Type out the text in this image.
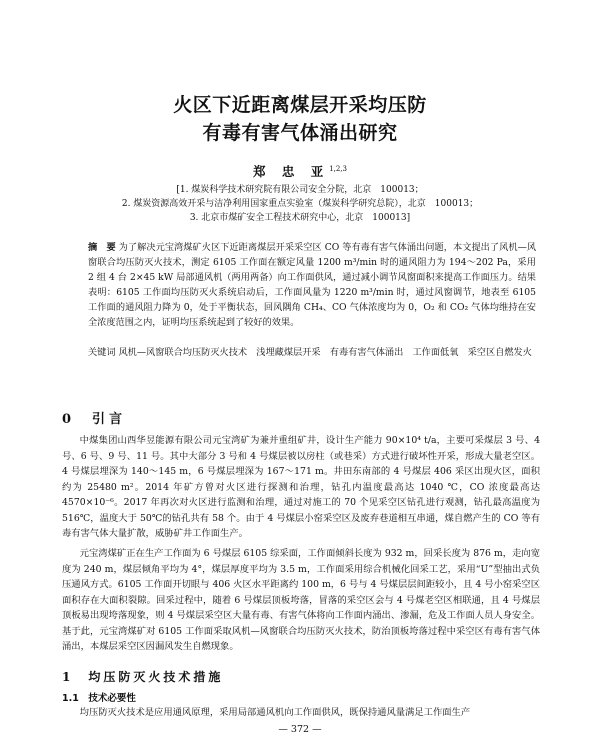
火区下近距离煤层开采均压防
有毒有害气体涌出研究
郑 忠 亚$^{1,2,3}$
[1. 煤炭科学技术研究院有限公司安全分院，北京　100013；
2. 煤炭资源高效开采与洁净利用国家重点实验室（煤炭科学研究总院），北京　100013；
3. 北京市煤矿安全工程技术研究中心，北京　100013]
摘　要 为了解决元宝湾煤矿火区下近距离煤层开采采空区 CO 等有毒有害气体涌出问题，本文提出了风机—风窗联合均压防灭火技术，测定 6105 工作面在额定风量 1200 m³/min 时的通风阻力为 194～202 Pa，采用 2 组 4 台 2×45 kW 局部通风机（两用两备）向工作面供风，通过减小调节风窗面积来提高工作面压力。结果表明：6105 工作面均压防灭火系统启动后，工作面风量为 1220 m³/min 时，通过风窗调节，地表至 6105 工作面的通风阻力降为 0，处于平衡状态，回风隅角 CH₄、CO 气体浓度均为 0，O₂ 和 CO₂ 气体均维持在安全浓度范围之内，证明均压系统起到了较好的效果。
关键词 风机—风窗联合均压防灭火技术　浅埋藏煤层开采　有毒有害气体涌出　工作面低氧　采空区自燃发火
0　引言
中煤集团山西华昱能源有限公司元宝湾矿为兼并重组矿井，设计生产能力 90×10⁴ t/a，主要可采煤层 3 号、4 号、6 号、9 号、11 号。其中大部分 3 号和 4 号煤层被以房柱（或巷采）方式进行破坏性开采，形成大量老空区。4 号煤层埋深为 140～145 m，6 号煤层埋深为 167～171 m。井田东南部的 4 号煤层 406 采区出现火区，面积约为 25480 m²。2014 年矿方曾对火区进行探测和治理，钻孔内温度最高达 1040 ℃，CO 浓度最高达 4570×10⁻⁶。2017 年再次对火区进行监测和治理，通过对施工的 70 个见采空区钻孔进行观测，钻孔最高温度为 516℃，温度大于 50℃的钻孔共有 58 个。由于 4 号煤层小窑采空区及废弃巷道相互串通，煤自燃产生的 CO 等有毒有害气体大量扩散，威胁矿井工作面生产。
元宝湾煤矿正在生产工作面为 6 号煤层 6105 综采面，工作面倾斜长度为 932 m，回采长度为 876 m，走向宽度为 240 m，煤层倾角平均为 4°，煤层厚度平均为 3.5 m，工作面采用综合机械化回采工艺，采用“U”型抽出式负压通风方式。6105 工作面开切眼与 406 火区水平距离约 100 m，6 号与 4 号煤层层间距较小，且 4 号小窑采空区面积存在大面积裂隙。回采过程中，随着 6 号煤层顶板垮落，冒落的采空区会与 4 号煤老空区相联通，且 4 号煤层顶板易出现垮落现象，则 4 号煤层采空区大量有毒、有害气体将向工作面内涌出、渗漏，危及工作面人员人身安全。基于此，元宝湾煤矿对 6105 工作面采取风机—风窗联合均压防灭火技术，防治顶板垮落过程中采空区有毒有害气体涌出，本煤层采空区因漏风发生自燃现象。
1　均压防灭火技术措施
1.1　技术必要性
均压防灭火技术是应用通风原理，采用局部通风机向工作面供风，既保持通风量满足工作面生产
— 372 —
